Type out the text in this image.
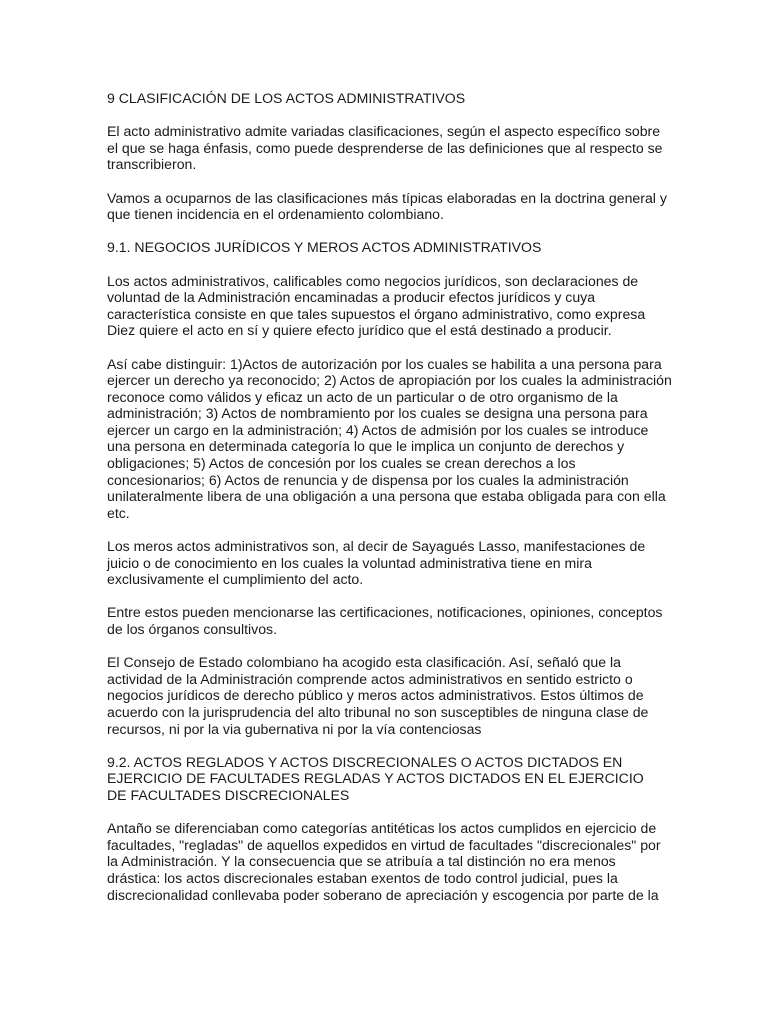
9 CLASIFICACIÓN DE LOS ACTOS ADMINISTRATIVOS
El acto administrativo admite variadas clasificaciones, según el aspecto específico sobre
el que se haga énfasis, como puede desprenderse de las definiciones que al respecto se
transcribieron.
Vamos a ocuparnos de las clasificaciones más típicas elaboradas en la doctrina general y
que tienen incidencia en el ordenamiento colombiano.
9.1. NEGOCIOS JURÍDICOS Y MEROS ACTOS ADMINISTRATIVOS
Los actos administrativos, calificables como negocios jurídicos, son declaraciones de
voluntad de la Administración encaminadas a producir efectos jurídicos y cuya
característica consiste en que tales supuestos el órgano administrativo, como expresa
Diez quiere el acto en sí y quiere efecto jurídico que el está destinado a producir.
Así cabe distinguir: 1)Actos de autorización por los cuales se habilita a una persona para
ejercer un derecho ya reconocido; 2) Actos de apropiación por los cuales la administración
reconoce como válidos y eficaz un acto de un particular o de otro organismo de la
administración; 3) Actos de nombramiento por los cuales se designa una persona para
ejercer un cargo en la administración; 4) Actos de admisión por los cuales se introduce
una persona en determinada categoría lo que le implica un conjunto de derechos y
obligaciones; 5) Actos de concesión por los cuales se crean derechos a los
concesionarios; 6) Actos de renuncia y de dispensa por los cuales la administración
unilateralmente libera de una obligación a una persona que estaba obligada para con ella
etc.
Los meros actos administrativos son, al decir de Sayagués Lasso, manifestaciones de
juicio o de conocimiento en los cuales la voluntad administrativa tiene en mira
exclusivamente el cumplimiento del acto.
Entre estos pueden mencionarse las certificaciones, notificaciones, opiniones, conceptos
de los órganos consultivos.
El Consejo de Estado colombiano ha acogido esta clasificación. Así, señaló que la
actividad de la Administración comprende actos administrativos en sentido estricto o
negocios jurídicos de derecho público y meros actos administrativos. Estos últimos de
acuerdo con la jurisprudencia del alto tribunal no son susceptibles de ninguna clase de
recursos, ni por la via gubernativa ni por la vía contenciosas
9.2. ACTOS REGLADOS Y ACTOS DISCRECIONALES O ACTOS DICTADOS EN
EJERCICIO DE FACULTADES REGLADAS Y ACTOS DICTADOS EN EL EJERCICIO
DE FACULTADES DISCRECIONALES
Antaño se diferenciaban como categorías antitéticas los actos cumplidos en ejercicio de
facultades, "regladas" de aquellos expedidos en virtud de facultades "discrecionales" por
la Administración. Y la consecuencia que se atribuía a tal distinción no era menos
drástica: los actos discrecionales estaban exentos de todo control judicial, pues la
discrecionalidad conllevaba poder soberano de apreciación y escogencia por parte de la
